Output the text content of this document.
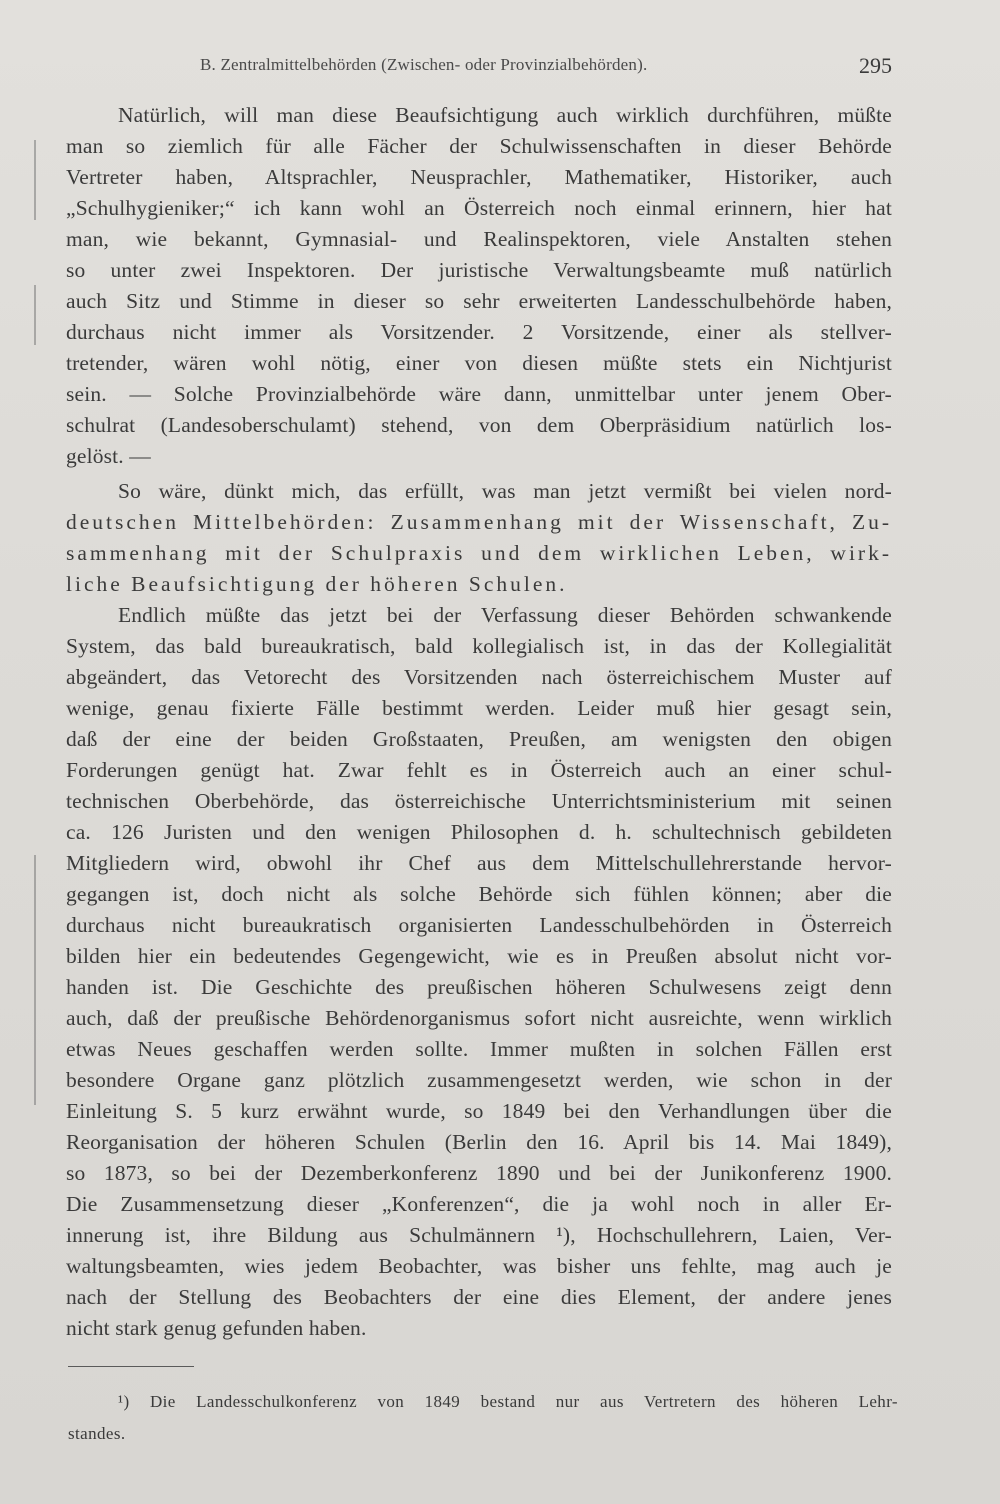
B. Zentralmittelbehörden (Zwischen- oder Provinzialbehörden).	295
Natürlich, will man diese Beaufsichtigung auch wirklich durchführen, müßte
man so ziemlich für alle Fächer der Schulwissenschaften in dieser Behörde
Vertreter haben, Altsprachler, Neusprachler, Mathematiker, Historiker, auch
„Schulhygieniker;“ ich kann wohl an Österreich noch einmal erinnern, hier hat
man, wie bekannt, Gymnasial- und Realinspektoren, viele Anstalten stehen
so unter zwei Inspektoren. Der juristische Verwaltungsbeamte muß natürlich
auch Sitz und Stimme in dieser so sehr erweiterten Landesschulbehörde haben,
durchaus nicht immer als Vorsitzender. 2 Vorsitzende, einer als stellver-
tretender, wären wohl nötig, einer von diesen müßte stets ein Nichtjurist
sein. — Solche Provinzialbehörde wäre dann, unmittelbar unter jenem Ober-
schulrat (Landesoberschulamt) stehend, von dem Oberpräsidium natürlich los-
gelöst. —
So wäre, dünkt mich, das erfüllt, was man jetzt vermißt bei vielen nord-
deutschen Mittelbehörden: Zusammenhang mit der Wissenschaft, Zu-
sammenhang mit der Schulpraxis und dem wirklichen Leben, wirk-
liche Beaufsichtigung der höheren Schulen.
Endlich müßte das jetzt bei der Verfassung dieser Behörden schwankende
System, das bald bureaukratisch, bald kollegialisch ist, in das der Kollegialität
abgeändert, das Vetorecht des Vorsitzenden nach österreichischem Muster auf
wenige, genau fixierte Fälle bestimmt werden. Leider muß hier gesagt sein,
daß der eine der beiden Großstaaten, Preußen, am wenigsten den obigen
Forderungen genügt hat. Zwar fehlt es in Österreich auch an einer schul-
technischen Oberbehörde, das österreichische Unterrichtsministerium mit seinen
ca. 126 Juristen und den wenigen Philosophen d. h. schultechnisch gebildeten
Mitgliedern wird, obwohl ihr Chef aus dem Mittelschullehrerstande hervor-
gegangen ist, doch nicht als solche Behörde sich fühlen können; aber die
durchaus nicht bureaukratisch organisierten Landesschulbehörden in Österreich
bilden hier ein bedeutendes Gegengewicht, wie es in Preußen absolut nicht vor-
handen ist. Die Geschichte des preußischen höheren Schulwesens zeigt denn
auch, daß der preußische Behördenorganismus sofort nicht ausreichte, wenn wirklich
etwas Neues geschaffen werden sollte. Immer mußten in solchen Fällen erst
besondere Organe ganz plötzlich zusammengesetzt werden, wie schon in der
Einleitung S. 5 kurz erwähnt wurde, so 1849 bei den Verhandlungen über die
Reorganisation der höheren Schulen (Berlin den 16. April bis 14. Mai 1849),
so 1873, so bei der Dezemberkonferenz 1890 und bei der Junikonferenz 1900.
Die Zusammensetzung dieser „Konferenzen“, die ja wohl noch in aller Er-
innerung ist, ihre Bildung aus Schulmännern ¹), Hochschullehrern, Laien, Ver-
waltungsbeamten, wies jedem Beobachter, was bisher uns fehlte, mag auch je
nach der Stellung des Beobachters der eine dies Element, der andere jenes
nicht stark genug gefunden haben.
¹) Die Landesschulkonferenz von 1849 bestand nur aus Vertretern des höheren Lehr-
standes.
